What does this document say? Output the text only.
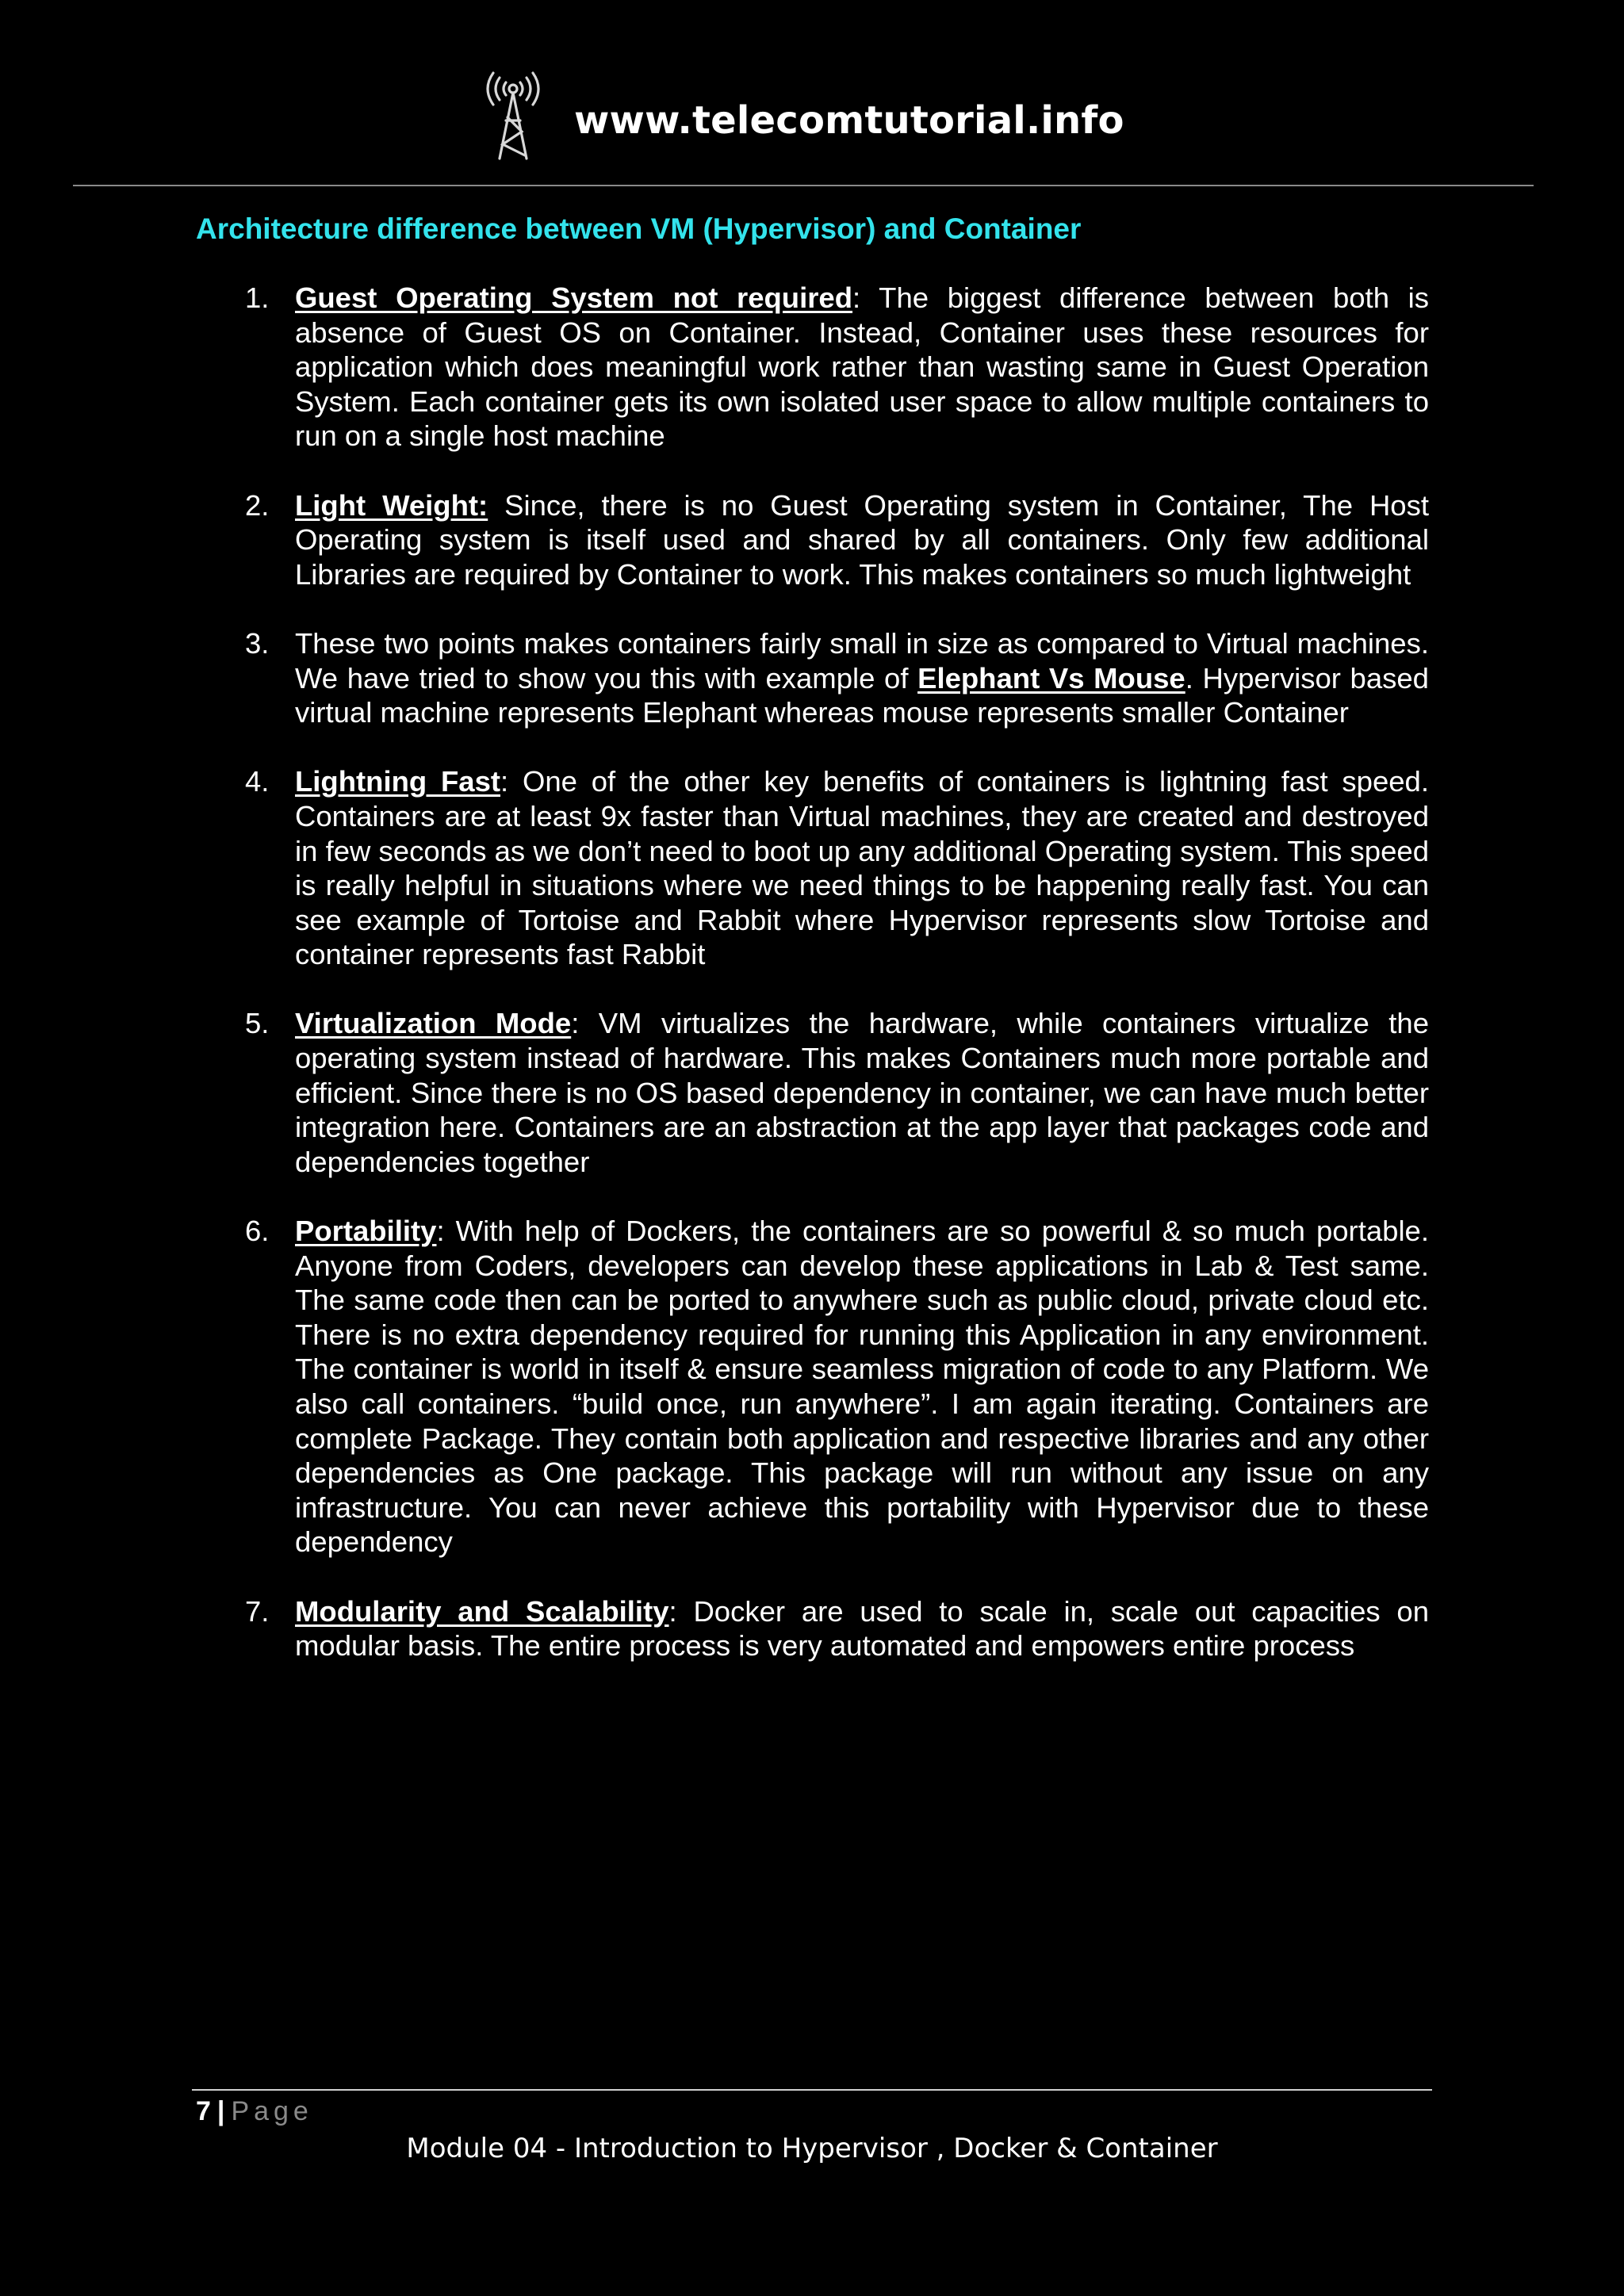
www.telecomtutorial.info
Architecture difference between VM (Hypervisor) and Container
1. Guest Operating System not required: The biggest difference between both is absence of Guest OS on Container. Instead, Container uses these resources for application which does meaningful work rather than wasting same in Guest Operation System. Each container gets its own isolated user space to allow multiple containers to run on a single host machine
2. Light Weight: Since, there is no Guest Operating system in Container, The Host Operating system is itself used and shared by all containers. Only few additional Libraries are required by Container to work. This makes containers so much lightweight
3. These two points makes containers fairly small in size as compared to Virtual machines. We have tried to show you this with example of Elephant Vs Mouse. Hypervisor based virtual machine represents Elephant whereas mouse represents smaller Container
4. Lightning Fast: One of the other key benefits of containers is lightning fast speed. Containers are at least 9x faster than Virtual machines, they are created and destroyed in few seconds as we don’t need to boot up any additional Operating system. This speed is really helpful in situations where we need things to be happening really fast. You can see example of Tortoise and Rabbit where Hypervisor represents slow Tortoise and container represents fast Rabbit
5. Virtualization Mode: VM virtualizes the hardware, while containers virtualize the operating system instead of hardware. This makes Containers much more portable and efficient. Since there is no OS based dependency in container, we can have much better integration here. Containers are an abstraction at the app layer that packages code and dependencies together
6. Portability: With help of Dockers, the containers are so powerful & so much portable. Anyone from Coders, developers can develop these applications in Lab & Test same. The same code then can be ported to anywhere such as public cloud, private cloud etc. There is no extra dependency required for running this Application in any environment. The container is world in itself & ensure seamless migration of code to any Platform. We also call containers. “build once, run anywhere”. I am again iterating. Containers are complete Package. They contain both application and respective libraries and any other dependencies as One package. This package will run without any issue on any infrastructure. You can never achieve this portability with Hypervisor due to these dependency
7. Modularity and Scalability: Docker are used to scale in, scale out capacities on modular basis. The entire process is very automated and empowers entire process
7 | Page
Module 04 - Introduction to Hypervisor , Docker & Container
